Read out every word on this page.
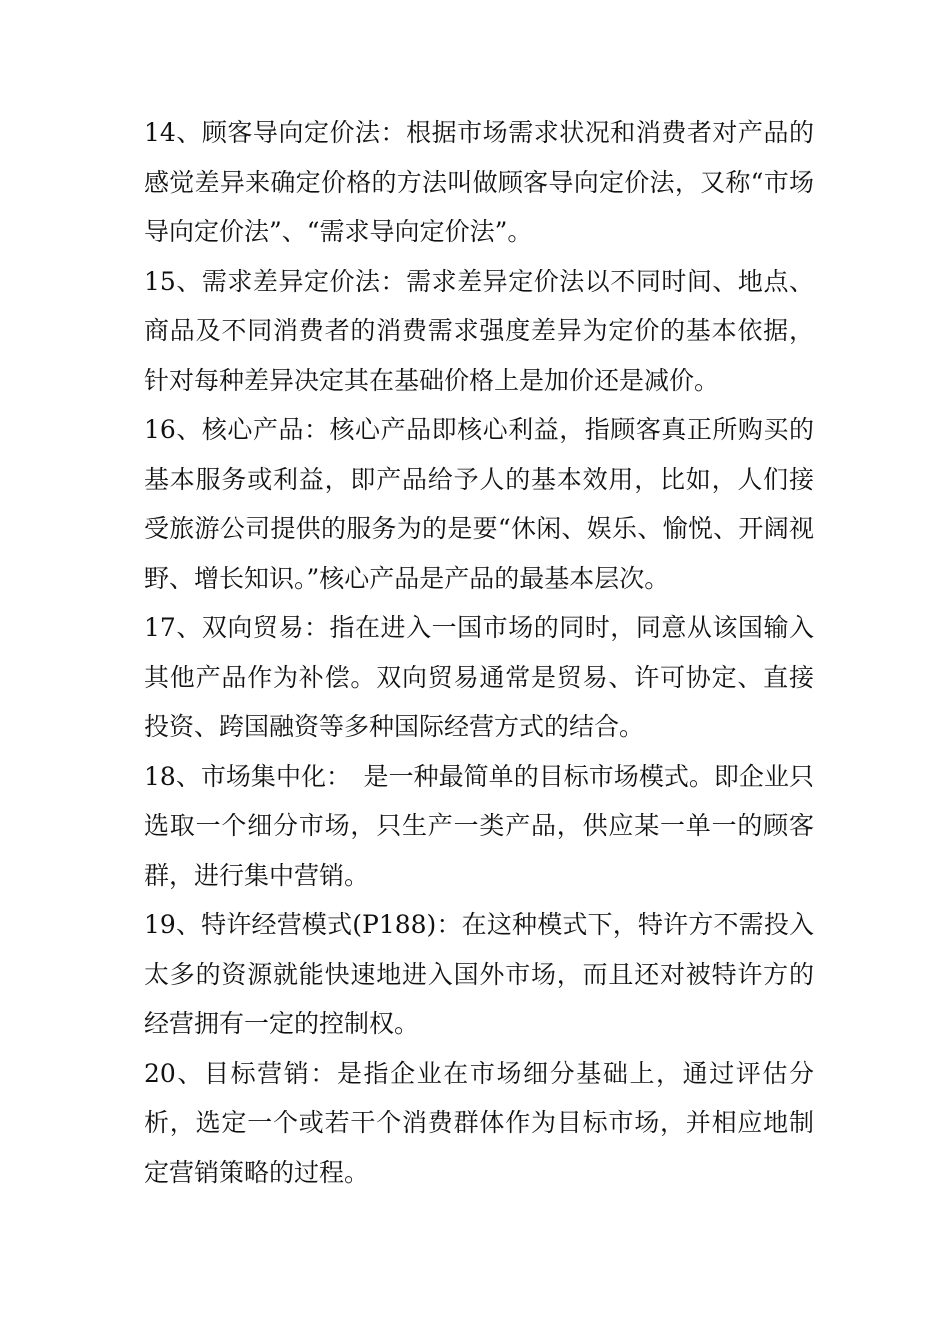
14、顾客导向定价法：根据市场需求状况和消费者对产品的感觉差异来确定价格的方法叫做顾客导向定价法，又称“市场导向定价法”、“需求导向定价法”。

15、需求差异定价法：需求差异定价法以不同时间、地点、商品及不同消费者的消费需求强度差异为定价的基本依据，针对每种差异决定其在基础价格上是加价还是减价。

16、核心产品：核心产品即核心利益，指顾客真正所购买的基本服务或利益，即产品给予人的基本效用，比如，人们接受旅游公司提供的服务为的是要“休闲、娱乐、愉悦、开阔视野、增长知识。”核心产品是产品的最基本层次。

17、双向贸易：指在进入一国市场的同时，同意从该国输入其他产品作为补偿。双向贸易通常是贸易、许可协定、直接投资、跨国融资等多种国际经营方式的结合。

18、市场集中化：　是一种最简单的目标市场模式。即企业只选取一个细分市场，只生产一类产品，供应某一单一的顾客群，进行集中营销。

19、特许经营模式(P188)：在这种模式下，特许方不需投入太多的资源就能快速地进入国外市场，而且还对被特许方的经营拥有一定的控制权。

20、目标营销：是指企业在市场细分基础上，通过评估分析，选定一个或若干个消费群体作为目标市场，并相应地制定营销策略的过程。
